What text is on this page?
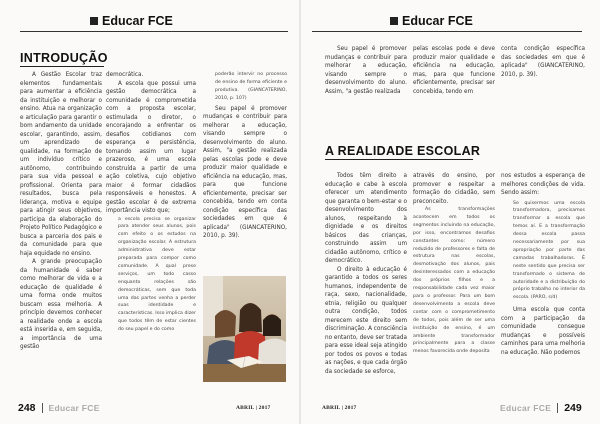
Educar FCE
INTRODUÇÃO

A Gestão Escolar traz elementos fundamentais para aumentar a eficiência da instituição e melhorar o ensino. Atua na organização e articulação para garantir o bom andamento da unidade escolar, garantindo, assim, um aprendizado de qualidade, na formação de um indivíduo crítico e autônomo, contribuindo para sua vida pessoal e profissional. Orienta para resultados, busca pela liderança, motiva e equipe para atingir seus objetivos, participa da elaboração do Projeto Político Pedagógico e busca a parceria dos pais e da comunidade para que haja equidade no ensino.

A grande preocupação da humanidade é saber como melhorar de vida e a educação de qualidade é uma forma onde muitos buscam essa melhoria. A princípio devemos conhecer a realidade onde a escola está inserida e, em seguida, a importância de uma gestão

democrática.

A escola que possui uma gestão democrática a comunidade é comprometida com a proposta escolar, estimulada o diretor, o encorajando a enfrentar os desafios cotidianos com esperança e persistência, tomando assim um lugar prazeroso, é uma escola construída a partir de uma ação coletiva, cujo objetivo maior é formar cidadãos responsáveis e honestos. A gestão escolar é de extrema importância visto que;

a escola precisa se organizar para atender seus alunos, pois com efeito o os estudos na organização escolar. A estrutura administrativa deve estar preparada para compor como comunidade. A qual prese serviços, um todo casso enquanto relações são democráticas, sem que toda uma das partes venha a perder suas identidade e características. Isso implica dizer que todos têm de estar cientes do seu papel e do como

poderão intervir no processo de ensino de forma eficiente e produtiva. (GIANCATERINO, 2010, p. 107)

Seu papel é promover mudanças e contribuir para melhorar a educação, visando sempre o desenvolvimento do aluno. Assim, "a gestão realizada pelas escolas pode e deve produzir maior qualidade e eficiência na educação, mas, para que funcione eficientemente, precisar ser concebida, tendo em conta condição específica das sociedades em que é aplicada" (GIANCATERINO, 2010, p. 39).

248 Educar FCE	ABRIL | 2017
Educar FCE

Seu papel é promover mudanças e contribuir para melhorar a educação, visando sempre o desenvolvimento do aluno. Assim, "a gestão realizada

pelas escolas pode e deve produzir maior qualidade e eficiência na educação, mas, para que funcione eficientemente, precisar ser concebida, tendo em

conta condição específica das sociedades em que é aplicada" (GIANCATERINO, 2010, p. 39).

A REALIDADE ESCOLAR

Todos têm direito a educação e cabe à escola oferecer um atendimento que garanta o bem-estar e o desenvolvimento dos alunos, respeitando à dignidade e os direitos básicos das crianças, construindo assim um cidadão autônomo, crítico e democrático.

O direito à educação é garantido a todos os seres humanos, independente de raça, sexo, nacionalidade, etnia, religião ou qualquer outra condição, todos merecem este direito sem discriminação. A consciência no entanto, deve ser tratada para esse ideal seja atingido por todos os povos e todas as nações, e que cada órgão da sociedade se esforce,

através do ensino, por promover e respeitar a formação do cidadão, sem preconceito.

As transformações acontecem em todos os segmentos incluindo na educação, por isso, encontramos desafios constantes como: número reduzido de professores e falta de estrutura nas escolas, desmotivação dos alunos, pais desinteressados com a educação dos próprios filhos e a responsabilidade cada vez maior para o professor. Para um bom desenvolvimento a escola deve contar com o comprometimento de todos, pois além de ser uma instituição de ensino, é um ambiente transformador principalmente para a classe menos favorecida onde deposita

nos estudos a esperança de melhores condições de vida. Sendo assim:

Se quisermos uma escola transformadora, precisamos transformar a escola que temos aí. E a transformação dessa escola passa necessariamente por sua apropriação por parte das camadas trabalhadoras. É neste sentido que precisa ser transformado o sistema de autoridade e a distribuição do próprio trabalho no interior da escola. (PARO, s/d)

Uma escola que conta com a participação da comunidade consegue mudanças e possíveis caminhos para uma melhoria na educação. Não podemos

ABRIL | 2017	Educar FCE 249
